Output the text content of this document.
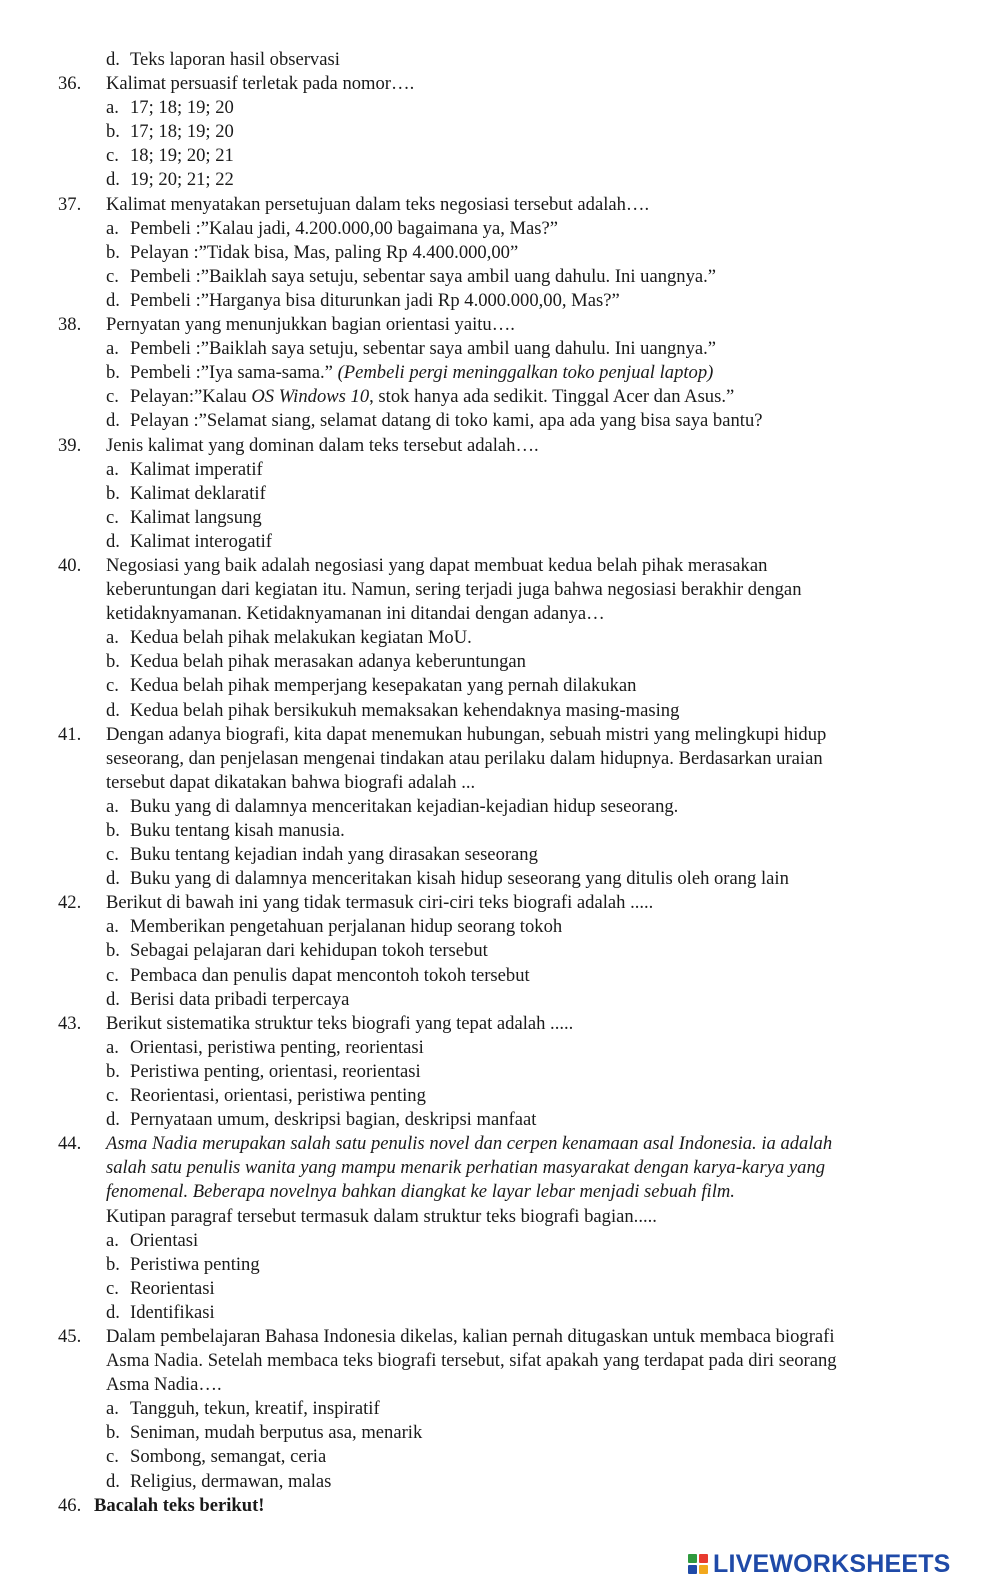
d. Teks laporan hasil observasi
36. Kalimat persuasif terletak pada nomor….
a. 17; 18; 19; 20
b. 17; 18; 19; 20
c. 18; 19; 20; 21
d. 19; 20; 21; 22
37. Kalimat menyatakan persetujuan dalam teks negosiasi tersebut adalah….
a. Pembeli :”Kalau jadi, 4.200.000,00 bagaimana ya, Mas?”
b. Pelayan :”Tidak bisa, Mas, paling Rp 4.400.000,00”
c. Pembeli :”Baiklah saya setuju, sebentar saya ambil uang dahulu. Ini uangnya.”
d. Pembeli :”Harganya bisa diturunkan jadi Rp 4.000.000,00, Mas?”
38. Pernyatan yang menunjukkan bagian orientasi yaitu….
a. Pembeli :”Baiklah saya setuju, sebentar saya ambil uang dahulu. Ini uangnya.”
b. Pembeli :”Iya sama-sama.” (Pembeli pergi meninggalkan toko penjual laptop)
c. Pelayan:”Kalau OS Windows 10, stok hanya ada sedikit. Tinggal Acer dan Asus.”
d. Pelayan :”Selamat siang, selamat datang di toko kami, apa ada yang bisa saya bantu?
39. Jenis kalimat yang dominan dalam teks tersebut adalah….
a. Kalimat imperatif
b. Kalimat deklaratif
c. Kalimat langsung
d. Kalimat interogatif
40. Negosiasi yang baik adalah negosiasi yang dapat membuat kedua belah pihak merasakan
keberuntungan dari kegiatan itu. Namun, sering terjadi juga bahwa negosiasi berakhir dengan
ketidaknyamanan. Ketidaknyamanan ini ditandai dengan adanya…
a. Kedua belah pihak melakukan kegiatan MoU.
b. Kedua belah pihak merasakan adanya keberuntungan
c. Kedua belah pihak memperjang kesepakatan yang pernah dilakukan
d. Kedua belah pihak bersikukuh memaksakan kehendaknya masing-masing
41. Dengan adanya biografi, kita dapat menemukan hubungan, sebuah mistri yang melingkupi hidup
seseorang, dan penjelasan mengenai tindakan atau perilaku dalam hidupnya. Berdasarkan uraian
tersebut dapat dikatakan bahwa biografi adalah ...
a. Buku yang di dalamnya menceritakan kejadian-kejadian hidup seseorang.
b. Buku tentang kisah manusia.
c. Buku tentang kejadian indah yang dirasakan seseorang
d. Buku yang di dalamnya menceritakan kisah hidup seseorang yang ditulis oleh orang lain
42. Berikut di bawah ini yang tidak termasuk ciri-ciri teks biografi adalah .....
a. Memberikan pengetahuan perjalanan hidup seorang tokoh
b. Sebagai pelajaran dari kehidupan tokoh tersebut
c. Pembaca dan penulis dapat mencontoh tokoh tersebut
d. Berisi data pribadi terpercaya
43. Berikut sistematika struktur teks biografi yang tepat adalah .....
a. Orientasi, peristiwa penting, reorientasi
b. Peristiwa penting, orientasi, reorientasi
c. Reorientasi, orientasi, peristiwa penting
d. Pernyataan umum, deskripsi bagian, deskripsi manfaat
44. Asma Nadia merupakan salah satu penulis novel dan cerpen kenamaan asal Indonesia. ia adalah
salah satu penulis wanita yang mampu menarik perhatian masyarakat dengan karya-karya yang
fenomenal. Beberapa novelnya bahkan diangkat ke layar lebar menjadi sebuah film.
Kutipan paragraf tersebut termasuk dalam struktur teks biografi bagian.....
a. Orientasi
b. Peristiwa penting
c. Reorientasi
d. Identifikasi
45. Dalam pembelajaran Bahasa Indonesia dikelas, kalian pernah ditugaskan untuk membaca biografi
Asma Nadia. Setelah membaca teks biografi tersebut, sifat apakah yang terdapat pada diri seorang
Asma Nadia….
a. Tangguh, tekun, kreatif, inspiratif
b. Seniman, mudah berputus asa, menarik
c. Sombong, semangat, ceria
d. Religius, dermawan, malas
46. Bacalah teks berikut!
LIVEWORKSHEETS
